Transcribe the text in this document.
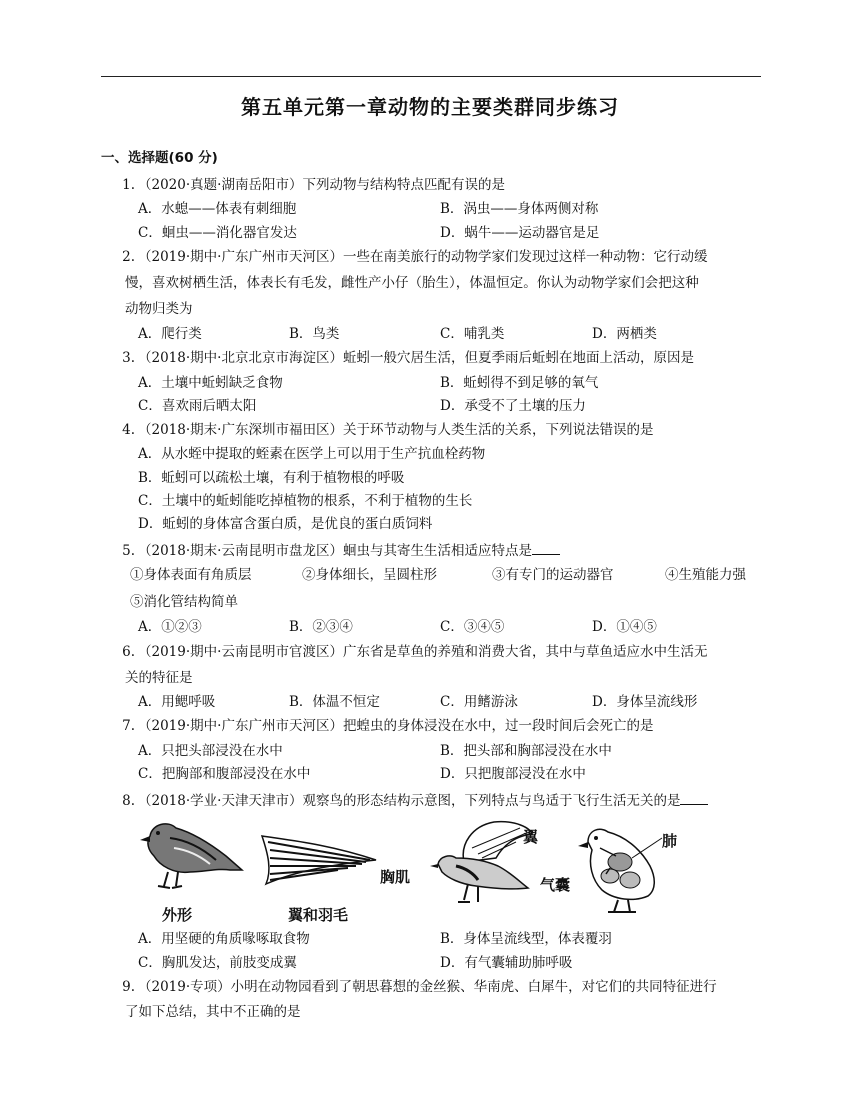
第五单元第一章动物的主要类群同步练习
一、选择题(60 分)
1. （2020·真题·湖南岳阳市）下列动物与结构特点匹配有误的是
A．水螅——体表有刺细胞	B．涡虫——身体两侧对称
C．蛔虫——消化器官发达	D．蜗牛——运动器官是足
2. （2019·期中·广东广州市天河区）一些在南美旅行的动物学家们发现过这样一种动物：它行动缓
慢，喜欢树栖生活，体表长有毛发，雌性产小仔（胎生），体温恒定。你认为动物学家们会把这种
动物归类为
A．爬行类	B．鸟类	C．哺乳类	D．两栖类
3. （2018·期中·北京北京市海淀区）蚯蚓一般穴居生活，但夏季雨后蚯蚓在地面上活动，原因是
A．土壤中蚯蚓缺乏食物	B．蚯蚓得不到足够的氧气
C．喜欢雨后晒太阳	D．承受不了土壤的压力
4. （2018·期末·广东深圳市福田区）关于环节动物与人类生活的关系，下列说法错误的是
A．从水蛭中提取的蛭素在医学上可以用于生产抗血栓药物
B．蚯蚓可以疏松土壤，有利于植物根的呼吸
C．土壤中的蚯蚓能吃掉植物的根系，不利于植物的生长
D．蚯蚓的身体富含蛋白质，是优良的蛋白质饲料
5. （2018·期末·云南昆明市盘龙区）蛔虫与其寄生生活相适应特点是
①身体表面有角质层	②身体细长，呈圆柱形	③有专门的运动器官	④生殖能力强
⑤消化管结构简单
A．①②③	B．②③④	C．③④⑤	D．①④⑤
6. （2019·期中·云南昆明市官渡区）广东省是草鱼的养殖和消费大省，其中与草鱼适应水中生活无
关的特征是
A．用鳃呼吸	B．体温不恒定	C．用鳍游泳	D．身体呈流线形
7. （2019·期中·广东广州市天河区）把蝗虫的身体浸没在水中，过一段时间后会死亡的是
A．只把头部浸没在水中	B．把头部和胸部浸没在水中
C．把胸部和腹部浸没在水中	D．只把腹部浸没在水中
8. （2018·学业·天津天津市）观察鸟的形态结构示意图，下列特点与鸟适于飞行生活无关的是
外形	翼和羽毛
翼
胸肌
肺
气囊
A．用坚硬的角质喙啄取食物	B．身体呈流线型，体表覆羽
C．胸肌发达，前肢变成翼	D．有气囊辅助肺呼吸
9. （2019·专项）小明在动物园看到了朝思暮想的金丝猴、华南虎、白犀牛，对它们的共同特征进行
了如下总结，其中不正确的是
